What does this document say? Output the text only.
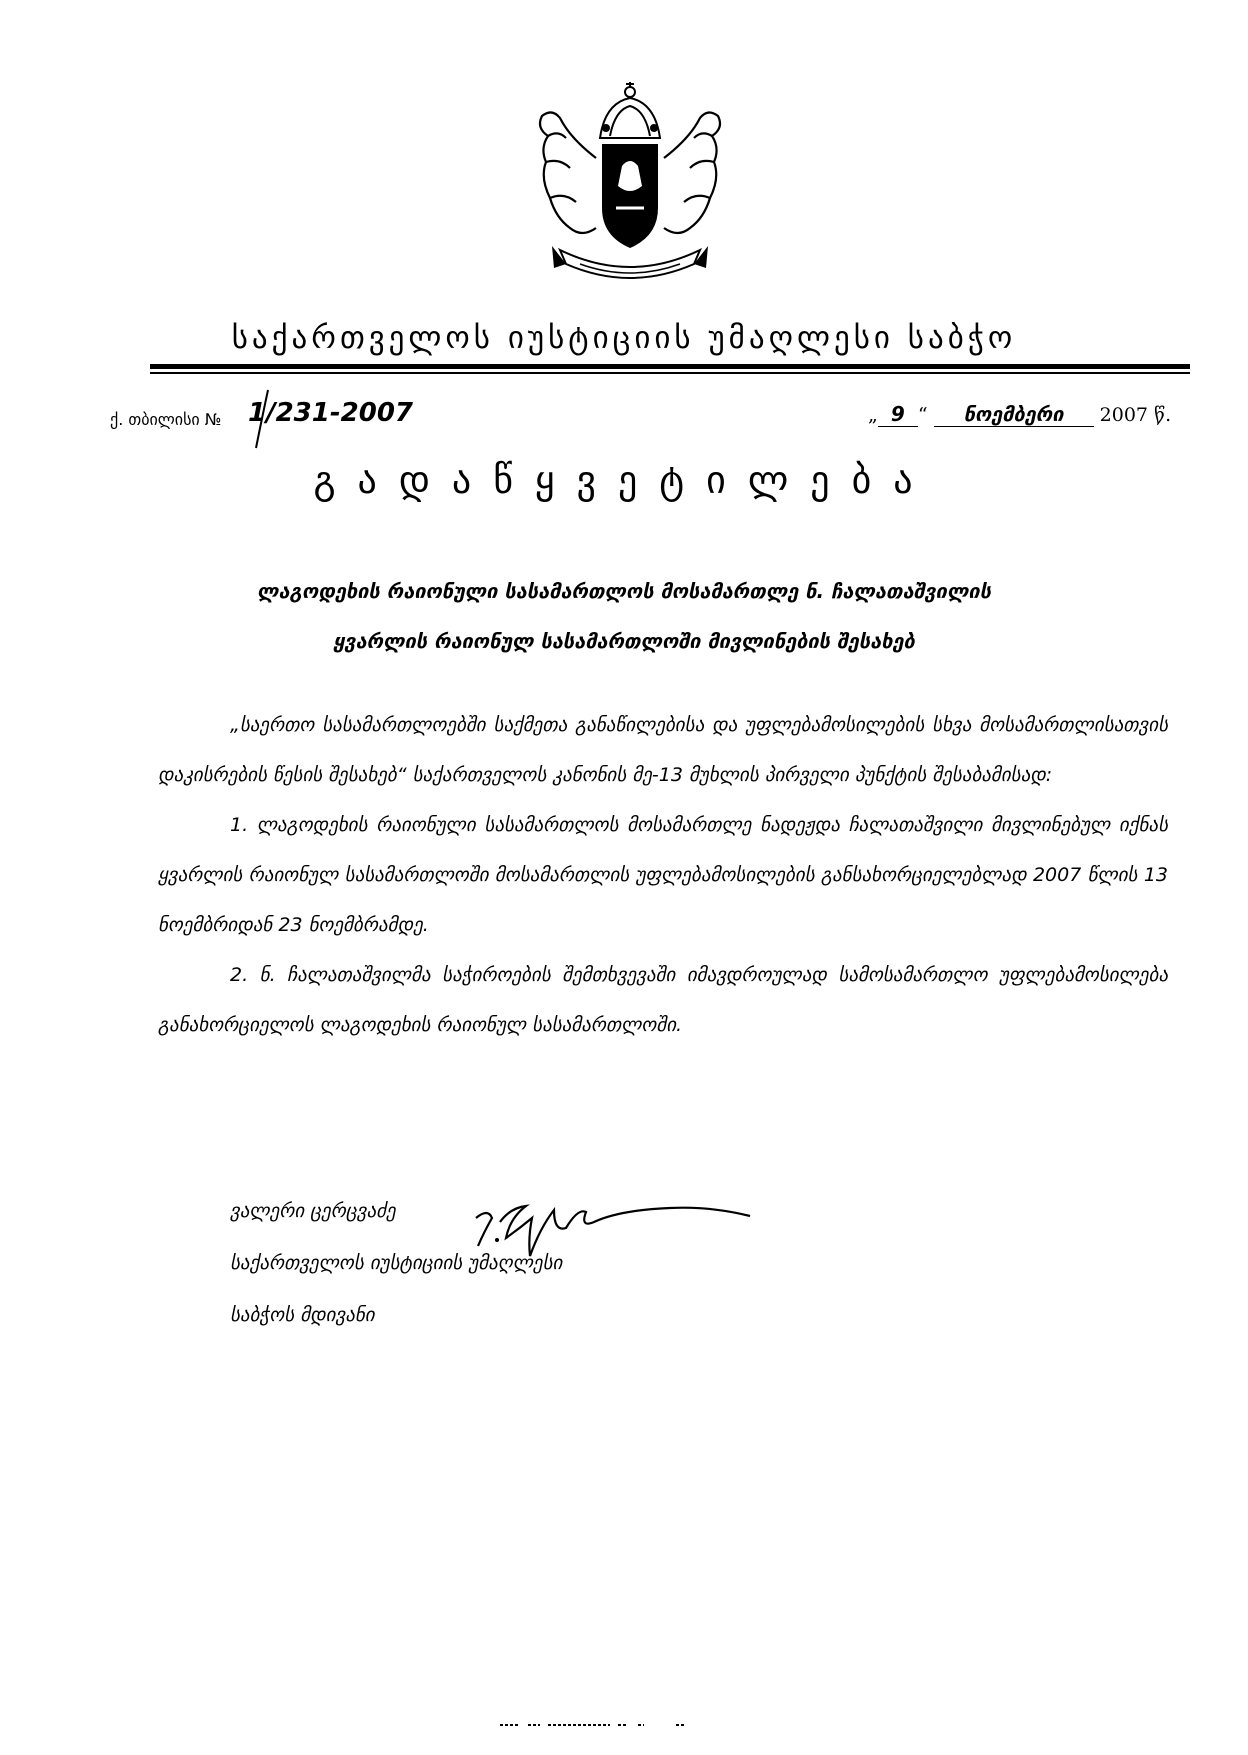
საქართველოს იუსტიციის უმაღლესი საბჭო
ქ. თბილისი № 1/231-2007	„ 9 “ ნოემბერი 2007 წ.
გადაწყვეტილება
ლაგოდეხის რაიონული სასამართლოს მოსამართლე ნ. ჩალათაშვილის
ყვარლის რაიონულ სასამართლოში მივლინების შესახებ

„საერთო სასამართლოებში საქმეთა განაწილებისა და უფლებამოსილების სხვა მოსამართლისათვის დაკისრების წესის შესახებ“ საქართველოს კანონის მე-13 მუხლის პირველი პუნქტის შესაბამისად:

1. ლაგოდეხის რაიონული სასამართლოს მოსამართლე ნადეჟდა ჩალათაშვილი მივლინებულ იქნას ყვარლის რაიონულ სასამართლოში მოსამართლის უფლებამოსილების განსახორციელებლად 2007 წლის 13 ნოემბრიდან 23 ნოემბრამდე.

2. ნ. ჩალათაშვილმა საჭიროების შემთხვევაში იმავდროულად სამოსამართლო უფლებამოსილება განახორციელოს ლაგოდეხის რაიონულ სასამართლოში.

ვალერი ცერცვაძე
საქართველოს იუსტიციის უმაღლესი
საბჭოს მდივანი
